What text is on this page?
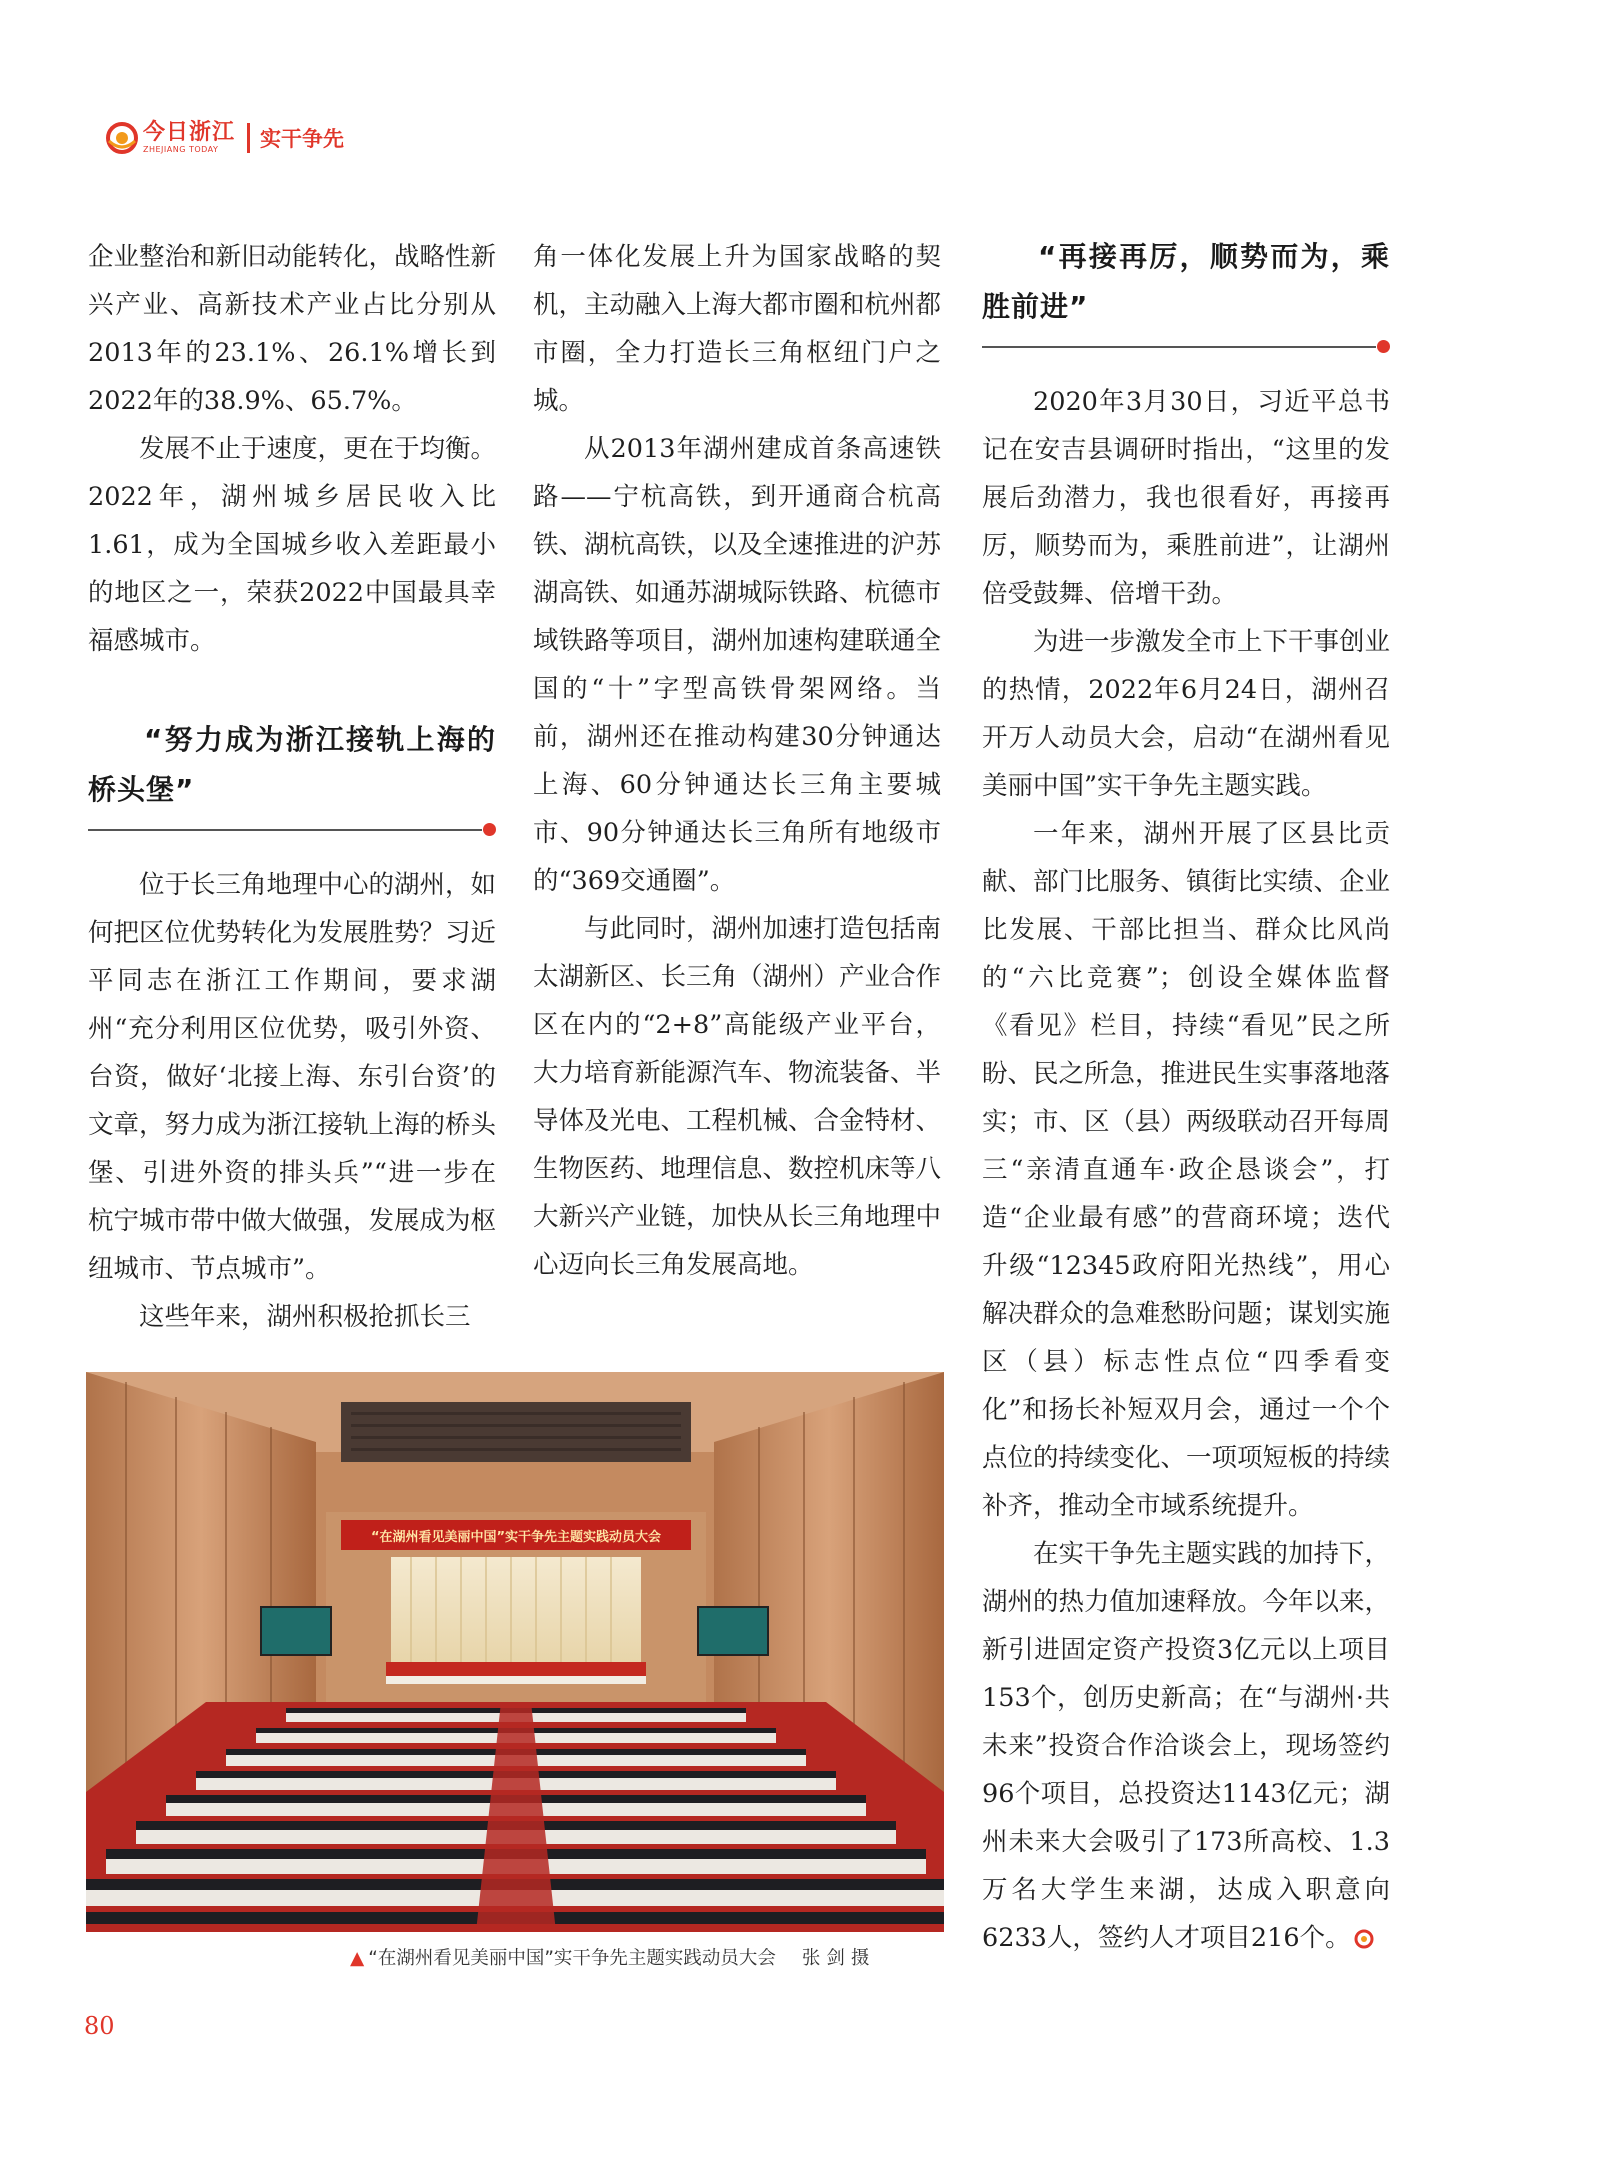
今日浙江
ZHEJIANG TODAY	实干争先

企业整治和新旧动能转化，战略性新兴产业、高新技术产业占比分别从2013年的23.1%、26.1%增长到2022年的38.9%、65.7%。

发展不止于速度，更在于均衡。2022年，湖州城乡居民收入比1.61，成为全国城乡收入差距最小的地区之一，荣获2022中国最具幸福感城市。

“努力成为浙江接轨上海的桥头堡”

位于长三角地理中心的湖州，如何把区位优势转化为发展胜势？习近平同志在浙江工作期间，要求湖州“充分利用区位优势，吸引外资、台资，做好‘北接上海、东引台资’的文章，努力成为浙江接轨上海的桥头堡、引进外资的排头兵”“进一步在杭宁城市带中做大做强，发展成为枢纽城市、节点城市”。

这些年来，湖州积极抢抓长三

角一体化发展上升为国家战略的契机，主动融入上海大都市圈和杭州都市圈，全力打造长三角枢纽门户之城。

从2013年湖州建成首条高速铁路——宁杭高铁，到开通商合杭高铁、湖杭高铁，以及全速推进的沪苏湖高铁、如通苏湖城际铁路、杭德市域铁路等项目，湖州加速构建联通全国的“十”字型高铁骨架网络。当前，湖州还在推动构建30分钟通达上海、60分钟通达长三角主要城市、90分钟通达长三角所有地级市的“369交通圈”。

与此同时，湖州加速打造包括南太湖新区、长三角（湖州）产业合作区在内的“2+8”高能级产业平台，大力培育新能源汽车、物流装备、半导体及光电、工程机械、合金特材、生物医药、地理信息、数控机床等八大新兴产业链，加快从长三角地理中心迈向长三角发展高地。

“再接再厉，顺势而为，乘胜前进”

2020年3月30日，习近平总书记在安吉县调研时指出，“这里的发展后劲潜力，我也很看好，再接再厉，顺势而为，乘胜前进”，让湖州倍受鼓舞、倍增干劲。

为进一步激发全市上下干事创业的热情，2022年6月24日，湖州召开万人动员大会，启动“在湖州看见美丽中国”实干争先主题实践。

一年来，湖州开展了区县比贡献、部门比服务、镇街比实绩、企业比发展、干部比担当、群众比风尚的“六比竞赛”；创设全媒体监督《看见》栏目，持续“看见”民之所盼、民之所急，推进民生实事落地落实；市、区（县）两级联动召开每周三“亲清直通车·政企恳谈会”，打造“企业最有感”的营商环境；迭代升级“12345政府阳光热线”，用心解决群众的急难愁盼问题；谋划实施区（县）标志性点位“四季看变化”和扬长补短双月会，通过一个个点位的持续变化、一项项短板的持续补齐，推动全市域系统提升。

在实干争先主题实践的加持下，湖州的热力值加速释放。今年以来，新引进固定资产投资3亿元以上项目153个，创历史新高；在“与湖州·共未来”投资合作洽谈会上，现场签约96个项目，总投资达1143亿元；湖州未来大会吸引了173所高校、1.3万名大学生来湖，达成入职意向6233人，签约人才项目216个。

“在湖州看见美丽中国”实干争先主题实践动员大会
▲ “在湖州看见美丽中国”实干争先主题实践动员大会 张剑摄
80
